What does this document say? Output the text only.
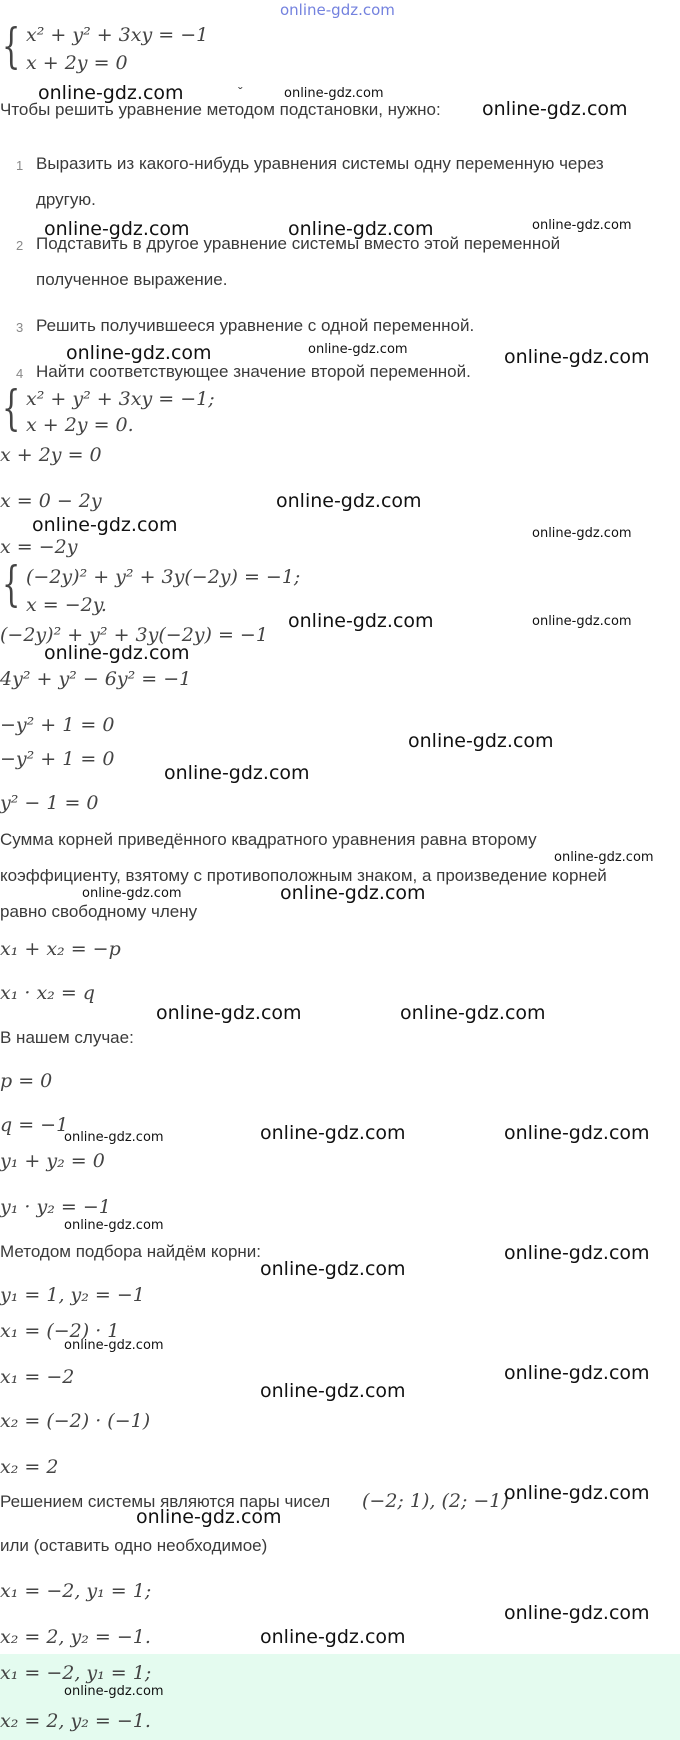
online-gdz.com
{ x² + y² + 3xy = −1
x + 2y = 0
ˇ
Чтобы решить уравнение методом подстановки, нужно:
1 Выразить из какого-нибудь уравнения системы одну переменную через
другую.
2 Подставить в другое уравнение системы вместо этой переменной
полученное выражение.
3 Решить получившееся уравнение с одной переменной.
4 Найти соответствующее значение второй переменной.
{ x² + y² + 3xy = −1;
x + 2y = 0.
x + 2y = 0
x = 0 − 2y
x = −2y
{ (−2y)² + y² + 3y(−2y) = −1;
x = −2y.
(−2y)² + y² + 3y(−2y) = −1
4y² + y² − 6y² = −1
−y² + 1 = 0
−y² + 1 = 0
y² − 1 = 0
Сумма корней приведённого квадратного уравнения равна второму
коэффициенту, взятому с противоположным знаком, а произведение корней
равно свободному члену
x₁ + x₂ = −p
x₁ · x₂ = q
В нашем случае:
p = 0
q = −1
y₁ + y₂ = 0
y₁ · y₂ = −1
Методом подбора найдём корни:
y₁ = 1, y₂ = −1
x₁ = (−2) · 1
x₁ = −2
x₂ = (−2) · (−1)
x₂ = 2
Решением системы являются пары чисел (−2; 1), (2; −1)
или (оставить одно необходимое)
x₁ = −2, y₁ = 1;
x₂ = 2, y₂ = −1.
x₁ = −2, y₁ = 1;
x₂ = 2, y₂ = −1.
online-gdz.com	online-gdz.com
online-gdz.com
online-gdz.com	online-gdz.com	online-gdz.com
online-gdz.com	online-gdz.com	online-gdz.com
online-gdz.com
online-gdz.com	online-gdz.com
online-gdz.com	online-gdz.com
online-gdz.com
online-gdz.com
online-gdz.com
online-gdz.com
online-gdz.com	online-gdz.com
online-gdz.com	online-gdz.com
online-gdz.com	online-gdz.com	online-gdz.com
online-gdz.com
online-gdz.com
online-gdz.com
online-gdz.com
online-gdz.com
online-gdz.com
online-gdz.com
online-gdz.com
online-gdz.com
online-gdz.com
online-gdz.com
